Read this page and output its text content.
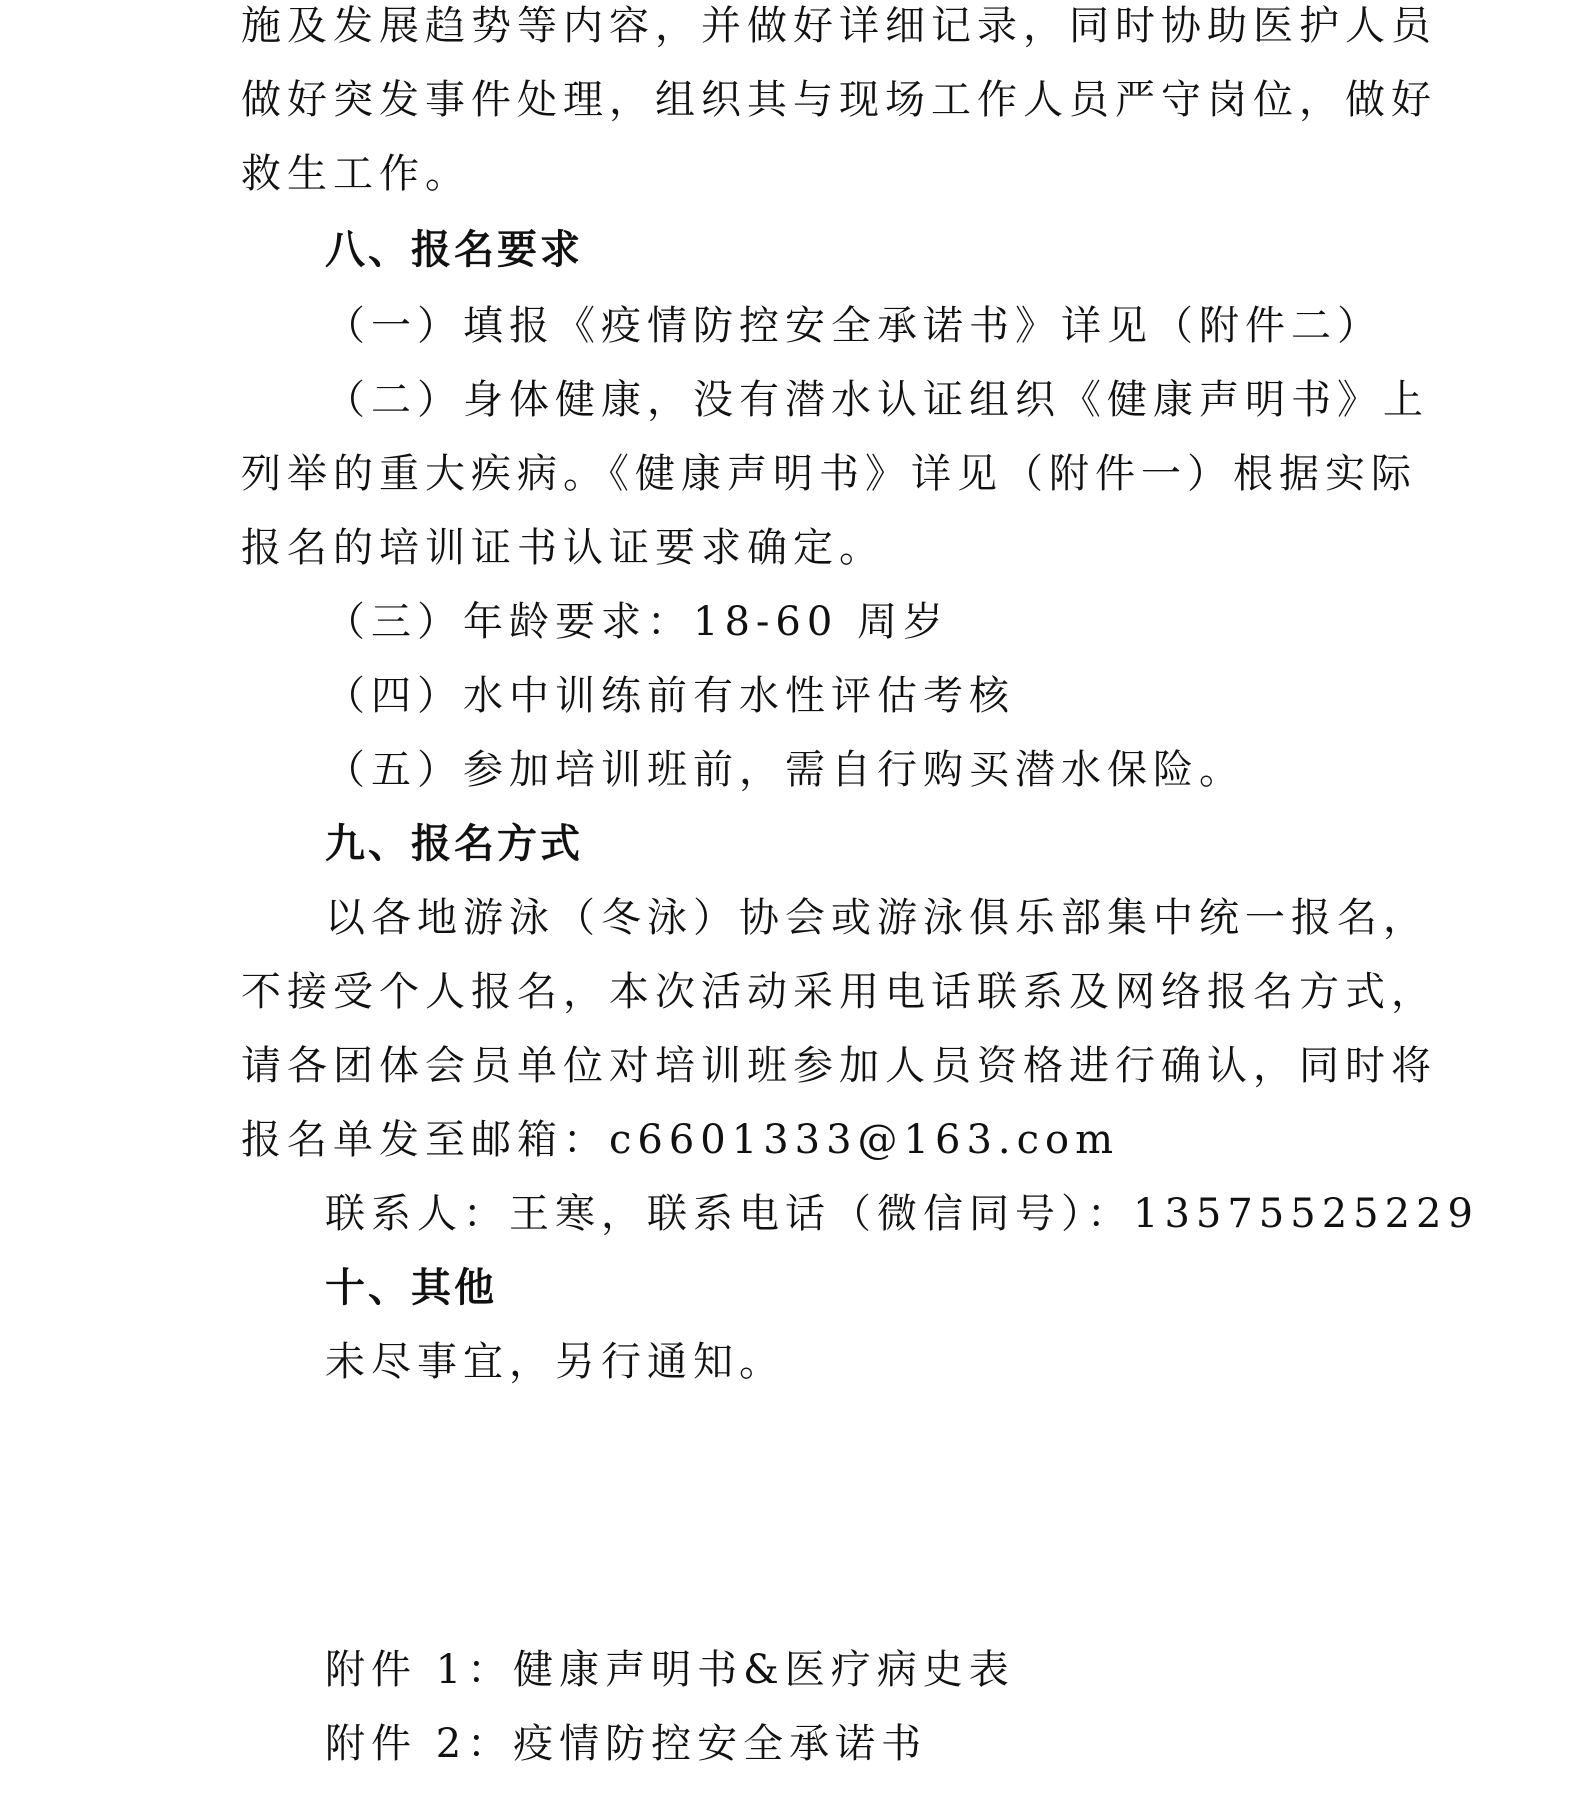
施及发展趋势等内容，并做好详细记录，同时协助医护人员
做好突发事件处理，组织其与现场工作人员严守岗位，做好
救生工作。
八、报名要求
（一）填报《疫情防控安全承诺书》详见（附件二）
（二）身体健康，没有潜水认证组织《健康声明书》上
列举的重大疾病。《健康声明书》详见（附件一）根据实际
报名的培训证书认证要求确定。
（三）年龄要求：18-60 周岁
（四）水中训练前有水性评估考核
（五）参加培训班前，需自行购买潜水保险。
九、报名方式
以各地游泳（冬泳）协会或游泳俱乐部集中统一报名，
不接受个人报名，本次活动采用电话联系及网络报名方式，
请各团体会员单位对培训班参加人员资格进行确认，同时将
报名单发至邮箱：c6601333@163.com
联系人：王寒，联系电话（微信同号）：13575525229
十、其他
未尽事宜，另行通知。
附件 1：健康声明书&医疗病史表
附件 2：疫情防控安全承诺书
